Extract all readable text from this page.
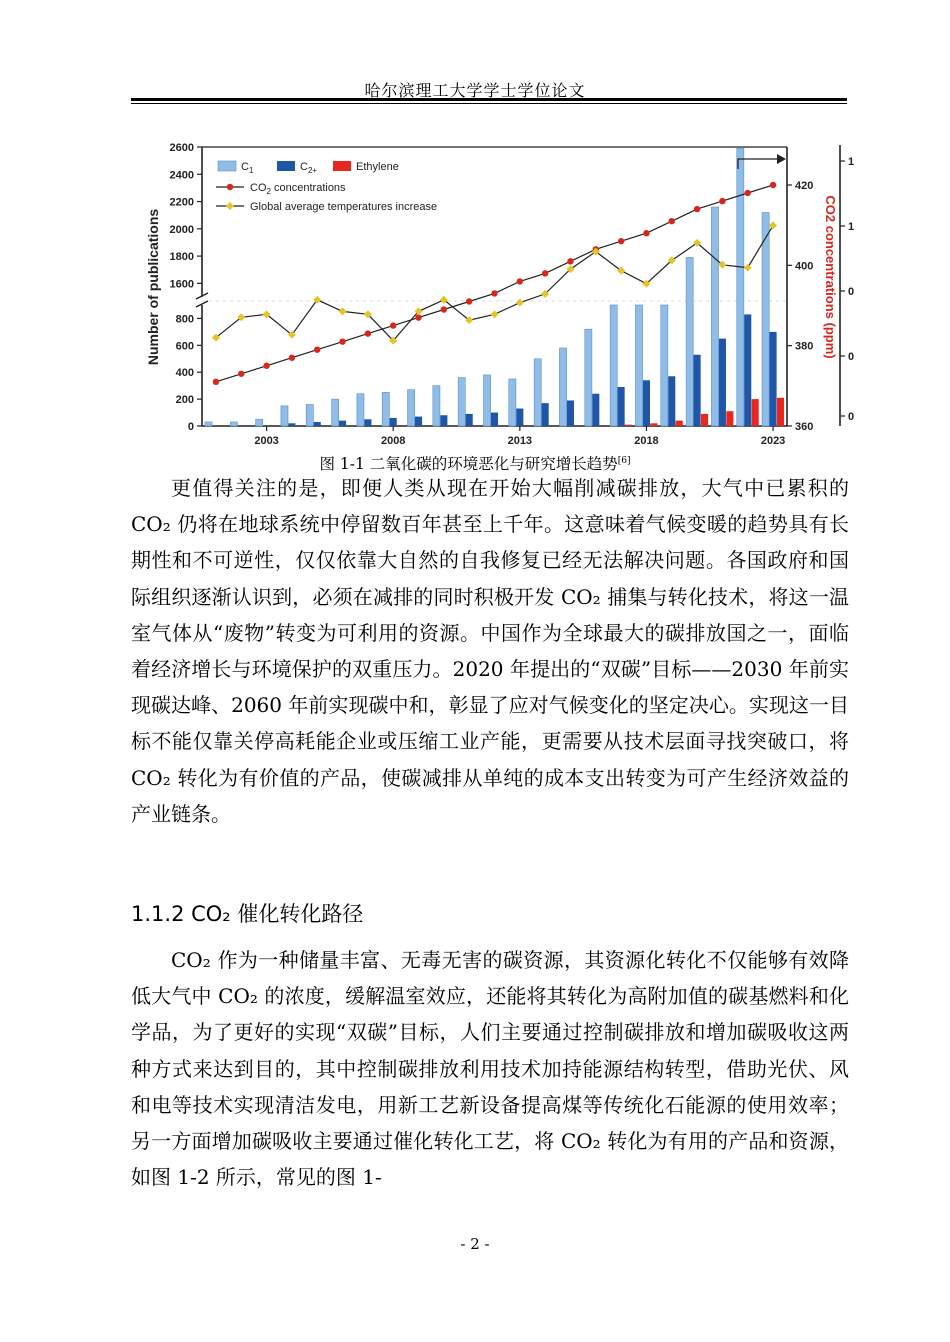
哈尔滨理工大学学士学位论文
0
200
400
600
800
1600
1800
2000
2200
2400
2600
Number of publications
2003	2008	2013	2018	2023
360
380
400
420
CO2 concentrations (ppm)
0
0
0
1
1
$C_1$	$C_{2+}$	Ethylene
$CO_2$ concentrations
Global average temperatures increase
图 1-1 二氧化碳的环境恶化与研究增长趋势[6]

更值得关注的是，即便人类从现在开始大幅削减碳排放，大气中已累积的 CO₂ 仍将在地球系统中停留数百年甚至上千年。这意味着气候变暖的趋势具有长期性和不可逆性，仅仅依靠大自然的自我修复已经无法解决问题。各国政府和国际组织逐渐认识到，必须在减排的同时积极开发 CO₂ 捕集与转化技术，将这一温室气体从“废物”转变为可利用的资源。中国作为全球最大的碳排放国之一，面临着经济增长与环境保护的双重压力。2020 年提出的“双碳”目标——2030 年前实现碳达峰、2060 年前实现碳中和，彰显了应对气候变化的坚定决心。实现这一目标不能仅靠关停高耗能企业或压缩工业产能，更需要从技术层面寻找突破口，将 CO₂ 转化为有价值的产品，使碳减排从单纯的成本支出转变为可产生经济效益的产业链条。

1.1.2 CO₂ 催化转化路径

CO₂ 作为一种储量丰富、无毒无害的碳资源，其资源化转化不仅能够有效降低大气中 CO₂ 的浓度，缓解温室效应，还能将其转化为高附加值的碳基燃料和化学品，为了更好的实现“双碳”目标，人们主要通过控制碳排放和增加碳吸收这两种方式来达到目的，其中控制碳排放利用技术加持能源结构转型，借助光伏、风和电等技术实现清洁发电，用新工艺新设备提高煤等传统化石能源的使用效率；另一方面增加碳吸收主要通过催化转化工艺，将 CO₂ 转化为有用的产品和资源，如图 1-2 所示，常见的图 1-

- 2 -
